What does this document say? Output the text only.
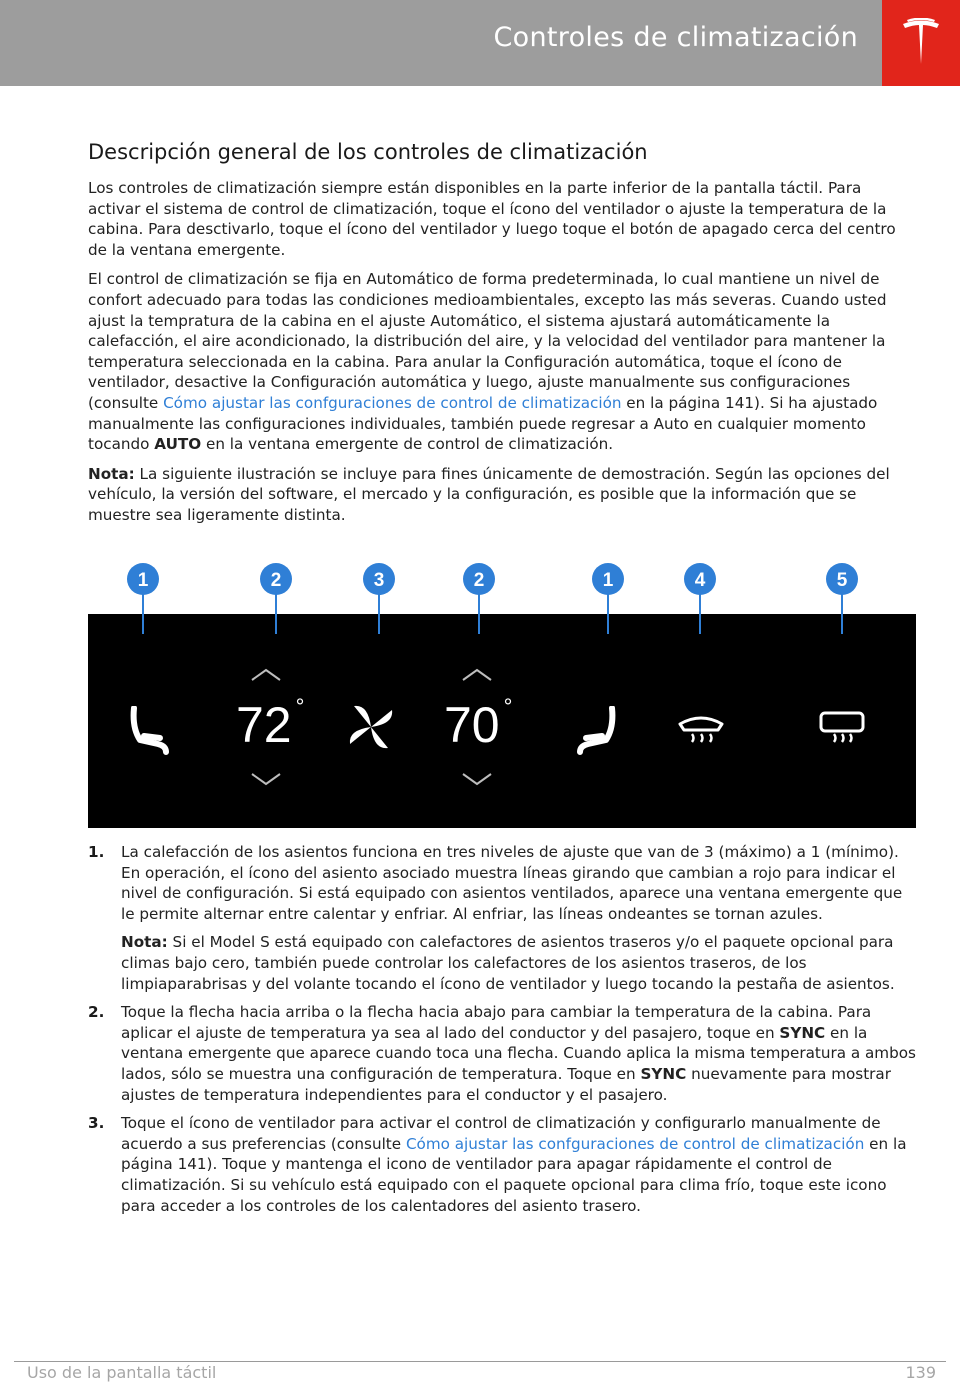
Controles de climatización
Descripción general de los controles de climatización

Los controles de climatización siempre están disponibles en la parte inferior de la pantalla táctil. Para activar el sistema de control de climatización, toque el ícono del ventilador o ajuste la temperatura de la cabina. Para desctivarlo, toque el ícono del ventilador y luego toque el botón de apagado cerca del centro de la ventana emergente.

El control de climatización se fija en Automático de forma predeterminada, lo cual mantiene un nivel de confort adecuado para todas las condiciones medioambientales, excepto las más severas. Cuando usted ajust la tempratura de la cabina en el ajuste Automático, el sistema ajustará automáticamente la calefacción, el aire acondicionado, la distribución del aire, y la velocidad del ventilador para mantener la temperatura seleccionada en la cabina. Para anular la Configuración automática, toque el ícono de ventilador, desactive la Configuración automática y luego, ajuste manualmente sus configuraciones (consulte Cómo ajustar las confguraciones de control de climatización en la página 141). Si ha ajustado manualmente las configuraciones individuales, también puede regresar a Auto en cualquier momento tocando AUTO en la ventana emergente de control de climatización.

Nota: La siguiente ilustración se incluye para fines únicamente de demostración. Según las opciones del vehículo, la versión del software, el mercado y la configuración, es posible que la información que se muestre sea ligeramente distinta.

72 °	70 °
1	2	3	2	1	4	5
1. La calefacción de los asientos funciona en tres niveles de ajuste que van de 3 (máximo) a 1 (mínimo). En operación, el ícono del asiento asociado muestra líneas girando que cambian a rojo para indicar el nivel de configuración. Si está equipado con asientos ventilados, aparece una ventana emergente que le permite alternar entre calentar y enfriar. Al enfriar, las líneas ondeantes se tornan azules.

Nota: Si el Model S está equipado con calefactores de asientos traseros y/o el paquete opcional para climas bajo cero, también puede controlar los calefactores de los asientos traseros, de los limpiaparabrisas y del volante tocando el ícono de ventilador y luego tocando la pestaña de asientos.

2. Toque la flecha hacia arriba o la flecha hacia abajo para cambiar la temperatura de la cabina. Para aplicar el ajuste de temperatura ya sea al lado del conductor y del pasajero, toque en SYNC en la ventana emergente que aparece cuando toca una flecha. Cuando aplica la misma temperatura a ambos lados, sólo se muestra una configuración de temperatura. Toque en SYNC nuevamente para mostrar ajustes de temperatura independientes para el conductor y el pasajero.

3. Toque el ícono de ventilador para activar el control de climatización y configurarlo manualmente de acuerdo a sus preferencias (consulte Cómo ajustar las confguraciones de control de climatización en la página 141). Toque y mantenga el icono de ventilador para apagar rápidamente el control de climatización. Si su vehículo está equipado con el paquete opcional para clima frío, toque este icono para acceder a los controles de los calentadores del asiento trasero.

Uso de la pantalla táctil	139
